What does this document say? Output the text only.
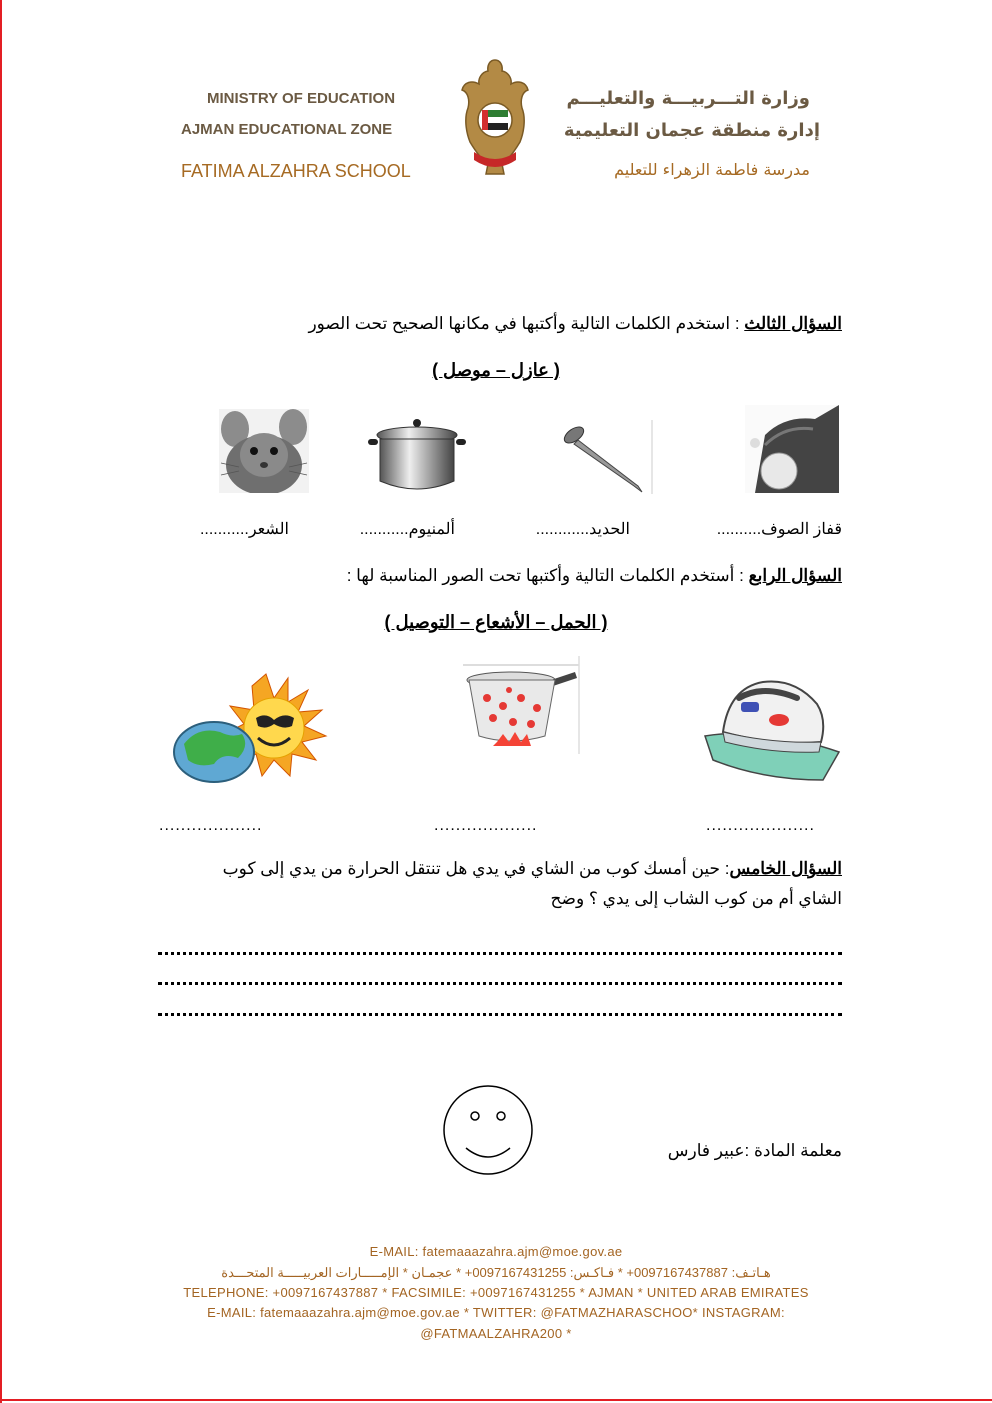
MINISTRY OF EDUCATION
AJMAN EDUCATIONAL ZONE
FATIMA ALZAHRA SCHOOL
وزارة التـــربيـــة والتعليـــم
إدارة منطقة عجمان التعليمية
مدرسة فاطمة الزهراء للتعليم
السؤال الثالث : استخدم الكلمات التالية وأكتبها في مكانها الصحيح تحت الصور
( عازل – موصل )
قفاز الصوف..........
الحديد............
ألمنيوم...........
الشعر...........
السؤال الرابع : أستخدم الكلمات التالية وأكتبها تحت الصور المناسبة لها :
( الحمل – الأشعاع – التوصيل )
...................	...................	....................
السؤال الخامس: حين أمسك كوب من الشاي في يدي هل تنتقل الحرارة من يدي إلى كوب
الشاي أم من كوب الشاب إلى يدي ؟ وضح
معلمة المادة :عبير فارس
E-MAIL: fatemaaazahra.ajm@moe.gov.ae
هـاتـف: 0097167437887+ * فـاكـس: 0097167431255+ * عجمـان * الإمـــــارات العربيـــــة المتحـــدة
TELEPHONE: +0097167437887 * FACSIMILE: +0097167431255 * AJMAN * UNITED ARAB EMIRATES
E-MAIL: fatemaaazahra.ajm@moe.gov.ae * TWITTER: @FATMAZHARASCHOO* INSTAGRAM:
@FATMAALZAHRA200 *
